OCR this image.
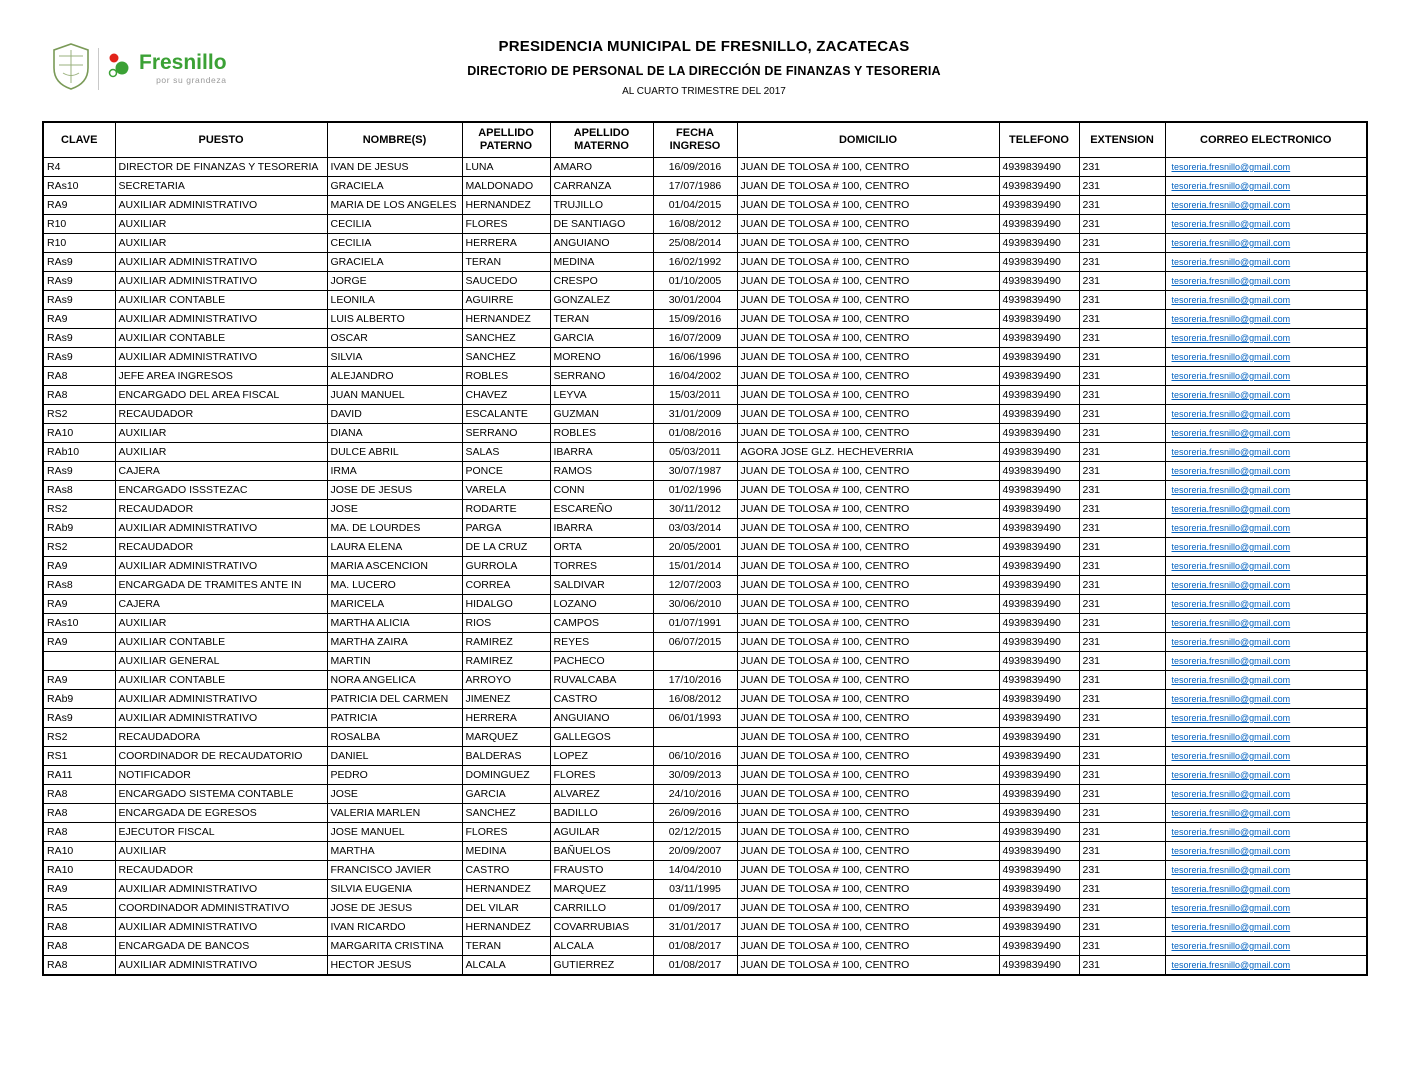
Fresnillo
por su grandeza
PRESIDENCIA MUNICIPAL DE FRESNILLO, ZACATECAS
DIRECTORIO DE PERSONAL DE LA DIRECCIÓN DE FINANZAS Y TESORERIA
AL CUARTO TRIMESTRE DEL 2017
CLAVE	PUESTO	NOMBRE(S)	APELLIDO PATERNO	APELLIDO MATERNO	FECHA INGRESO	DOMICILIO	TELEFONO	EXTENSION	CORREO ELECTRONICO
R4	DIRECTOR DE FINANZAS Y TESORERIA	IVAN DE JESUS	LUNA	AMARO	16/09/2016	JUAN DE TOLOSA # 100, CENTRO	4939839490	231	tesoreria.fresnillo@gmail.com
RAs10	SECRETARIA	GRACIELA	MALDONADO	CARRANZA	17/07/1986	JUAN DE TOLOSA # 100, CENTRO	4939839490	231	tesoreria.fresnillo@gmail.com
RA9	AUXILIAR ADMINISTRATIVO	MARIA DE LOS ANGELES	HERNANDEZ	TRUJILLO	01/04/2015	JUAN DE TOLOSA # 100, CENTRO	4939839490	231	tesoreria.fresnillo@gmail.com
R10	AUXILIAR	CECILIA	FLORES	DE SANTIAGO	16/08/2012	JUAN DE TOLOSA # 100, CENTRO	4939839490	231	tesoreria.fresnillo@gmail.com
R10	AUXILIAR	CECILIA	HERRERA	ANGUIANO	25/08/2014	JUAN DE TOLOSA # 100, CENTRO	4939839490	231	tesoreria.fresnillo@gmail.com
RAs9	AUXILIAR ADMINISTRATIVO	GRACIELA	TERAN	MEDINA	16/02/1992	JUAN DE TOLOSA # 100, CENTRO	4939839490	231	tesoreria.fresnillo@gmail.com
RAs9	AUXILIAR ADMINISTRATIVO	JORGE	SAUCEDO	CRESPO	01/10/2005	JUAN DE TOLOSA # 100, CENTRO	4939839490	231	tesoreria.fresnillo@gmail.com
RAs9	AUXILIAR CONTABLE	LEONILA	AGUIRRE	GONZALEZ	30/01/2004	JUAN DE TOLOSA # 100, CENTRO	4939839490	231	tesoreria.fresnillo@gmail.com
RA9	AUXILIAR ADMINISTRATIVO	LUIS ALBERTO	HERNANDEZ	TERAN	15/09/2016	JUAN DE TOLOSA # 100, CENTRO	4939839490	231	tesoreria.fresnillo@gmail.com
RAs9	AUXILIAR CONTABLE	OSCAR	SANCHEZ	GARCIA	16/07/2009	JUAN DE TOLOSA # 100, CENTRO	4939839490	231	tesoreria.fresnillo@gmail.com
RAs9	AUXILIAR ADMINISTRATIVO	SILVIA	SANCHEZ	MORENO	16/06/1996	JUAN DE TOLOSA # 100, CENTRO	4939839490	231	tesoreria.fresnillo@gmail.com
RA8	JEFE AREA INGRESOS	ALEJANDRO	ROBLES	SERRANO	16/04/2002	JUAN DE TOLOSA # 100, CENTRO	4939839490	231	tesoreria.fresnillo@gmail.com
RA8	ENCARGADO DEL AREA FISCAL	JUAN MANUEL	CHAVEZ	LEYVA	15/03/2011	JUAN DE TOLOSA # 100, CENTRO	4939839490	231	tesoreria.fresnillo@gmail.com
RS2	RECAUDADOR	DAVID	ESCALANTE	GUZMAN	31/01/2009	JUAN DE TOLOSA # 100, CENTRO	4939839490	231	tesoreria.fresnillo@gmail.com
RA10	AUXILIAR	DIANA	SERRANO	ROBLES	01/08/2016	JUAN DE TOLOSA # 100, CENTRO	4939839490	231	tesoreria.fresnillo@gmail.com
RAb10	AUXILIAR	DULCE ABRIL	SALAS	IBARRA	05/03/2011	AGORA JOSE GLZ. HECHEVERRIA	4939839490	231	tesoreria.fresnillo@gmail.com
RAs9	CAJERA	IRMA	PONCE	RAMOS	30/07/1987	JUAN DE TOLOSA # 100, CENTRO	4939839490	231	tesoreria.fresnillo@gmail.com
RAs8	ENCARGADO ISSSTEZAC	JOSE DE JESUS	VARELA	CONN	01/02/1996	JUAN DE TOLOSA # 100, CENTRO	4939839490	231	tesoreria.fresnillo@gmail.com
RS2	RECAUDADOR	JOSE	RODARTE	ESCAREÑO	30/11/2012	JUAN DE TOLOSA # 100, CENTRO	4939839490	231	tesoreria.fresnillo@gmail.com
RAb9	AUXILIAR ADMINISTRATIVO	MA. DE LOURDES	PARGA	IBARRA	03/03/2014	JUAN DE TOLOSA # 100, CENTRO	4939839490	231	tesoreria.fresnillo@gmail.com
RS2	RECAUDADOR	LAURA ELENA	DE LA CRUZ	ORTA	20/05/2001	JUAN DE TOLOSA # 100, CENTRO	4939839490	231	tesoreria.fresnillo@gmail.com
RA9	AUXILIAR ADMINISTRATIVO	MARIA ASCENCION	GURROLA	TORRES	15/01/2014	JUAN DE TOLOSA # 100, CENTRO	4939839490	231	tesoreria.fresnillo@gmail.com
RAs8	ENCARGADA DE TRAMITES ANTE IN	MA. LUCERO	CORREA	SALDIVAR	12/07/2003	JUAN DE TOLOSA # 100, CENTRO	4939839490	231	tesoreria.fresnillo@gmail.com
RA9	CAJERA	MARICELA	HIDALGO	LOZANO	30/06/2010	JUAN DE TOLOSA # 100, CENTRO	4939839490	231	tesoreria.fresnillo@gmail.com
RAs10	AUXILIAR	MARTHA ALICIA	RIOS	CAMPOS	01/07/1991	JUAN DE TOLOSA # 100, CENTRO	4939839490	231	tesoreria.fresnillo@gmail.com
RA9	AUXILIAR CONTABLE	MARTHA ZAIRA	RAMIREZ	REYES	06/07/2015	JUAN DE TOLOSA # 100, CENTRO	4939839490	231	tesoreria.fresnillo@gmail.com
	AUXILIAR GENERAL	MARTIN	RAMIREZ	PACHECO		JUAN DE TOLOSA # 100, CENTRO	4939839490	231	tesoreria.fresnillo@gmail.com
RA9	AUXILIAR CONTABLE	NORA ANGELICA	ARROYO	RUVALCABA	17/10/2016	JUAN DE TOLOSA # 100, CENTRO	4939839490	231	tesoreria.fresnillo@gmail.com
RAb9	AUXILIAR ADMINISTRATIVO	PATRICIA DEL CARMEN	JIMENEZ	CASTRO	16/08/2012	JUAN DE TOLOSA # 100, CENTRO	4939839490	231	tesoreria.fresnillo@gmail.com
RAs9	AUXILIAR ADMINISTRATIVO	PATRICIA	HERRERA	ANGUIANO	06/01/1993	JUAN DE TOLOSA # 100, CENTRO	4939839490	231	tesoreria.fresnillo@gmail.com
RS2	RECAUDADORA	ROSALBA	MARQUEZ	GALLEGOS		JUAN DE TOLOSA # 100, CENTRO	4939839490	231	tesoreria.fresnillo@gmail.com
RS1	COORDINADOR DE RECAUDATORIO	DANIEL	BALDERAS	LOPEZ	06/10/2016	JUAN DE TOLOSA # 100, CENTRO	4939839490	231	tesoreria.fresnillo@gmail.com
RA11	NOTIFICADOR	PEDRO	DOMINGUEZ	FLORES	30/09/2013	JUAN DE TOLOSA # 100, CENTRO	4939839490	231	tesoreria.fresnillo@gmail.com
RA8	ENCARGADO SISTEMA CONTABLE	JOSE	GARCIA	ALVAREZ	24/10/2016	JUAN DE TOLOSA # 100, CENTRO	4939839490	231	tesoreria.fresnillo@gmail.com
RA8	ENCARGADA DE EGRESOS	VALERIA MARLEN	SANCHEZ	BADILLO	26/09/2016	JUAN DE TOLOSA # 100, CENTRO	4939839490	231	tesoreria.fresnillo@gmail.com
RA8	EJECUTOR FISCAL	JOSE MANUEL	FLORES	AGUILAR	02/12/2015	JUAN DE TOLOSA # 100, CENTRO	4939839490	231	tesoreria.fresnillo@gmail.com
RA10	AUXILIAR	MARTHA	MEDINA	BAÑUELOS	20/09/2007	JUAN DE TOLOSA # 100, CENTRO	4939839490	231	tesoreria.fresnillo@gmail.com
RA10	RECAUDADOR	FRANCISCO JAVIER	CASTRO	FRAUSTO	14/04/2010	JUAN DE TOLOSA # 100, CENTRO	4939839490	231	tesoreria.fresnillo@gmail.com
RA9	AUXILIAR ADMINISTRATIVO	SILVIA EUGENIA	HERNANDEZ	MARQUEZ	03/11/1995	JUAN DE TOLOSA # 100, CENTRO	4939839490	231	tesoreria.fresnillo@gmail.com
RA5	COORDINADOR ADMINISTRATIVO	JOSE DE JESUS	DEL VILAR	CARRILLO	01/09/2017	JUAN DE TOLOSA # 100, CENTRO	4939839490	231	tesoreria.fresnillo@gmail.com
RA8	AUXILIAR ADMINISTRATIVO	IVAN RICARDO	HERNANDEZ	COVARRUBIAS	31/01/2017	JUAN DE TOLOSA # 100, CENTRO	4939839490	231	tesoreria.fresnillo@gmail.com
RA8	ENCARGADA DE BANCOS	MARGARITA CRISTINA	TERAN	ALCALA	01/08/2017	JUAN DE TOLOSA # 100, CENTRO	4939839490	231	tesoreria.fresnillo@gmail.com
RA8	AUXILIAR ADMINISTRATIVO	HECTOR JESUS	ALCALA	GUTIERREZ	01/08/2017	JUAN DE TOLOSA # 100, CENTRO	4939839490	231	tesoreria.fresnillo@gmail.com
